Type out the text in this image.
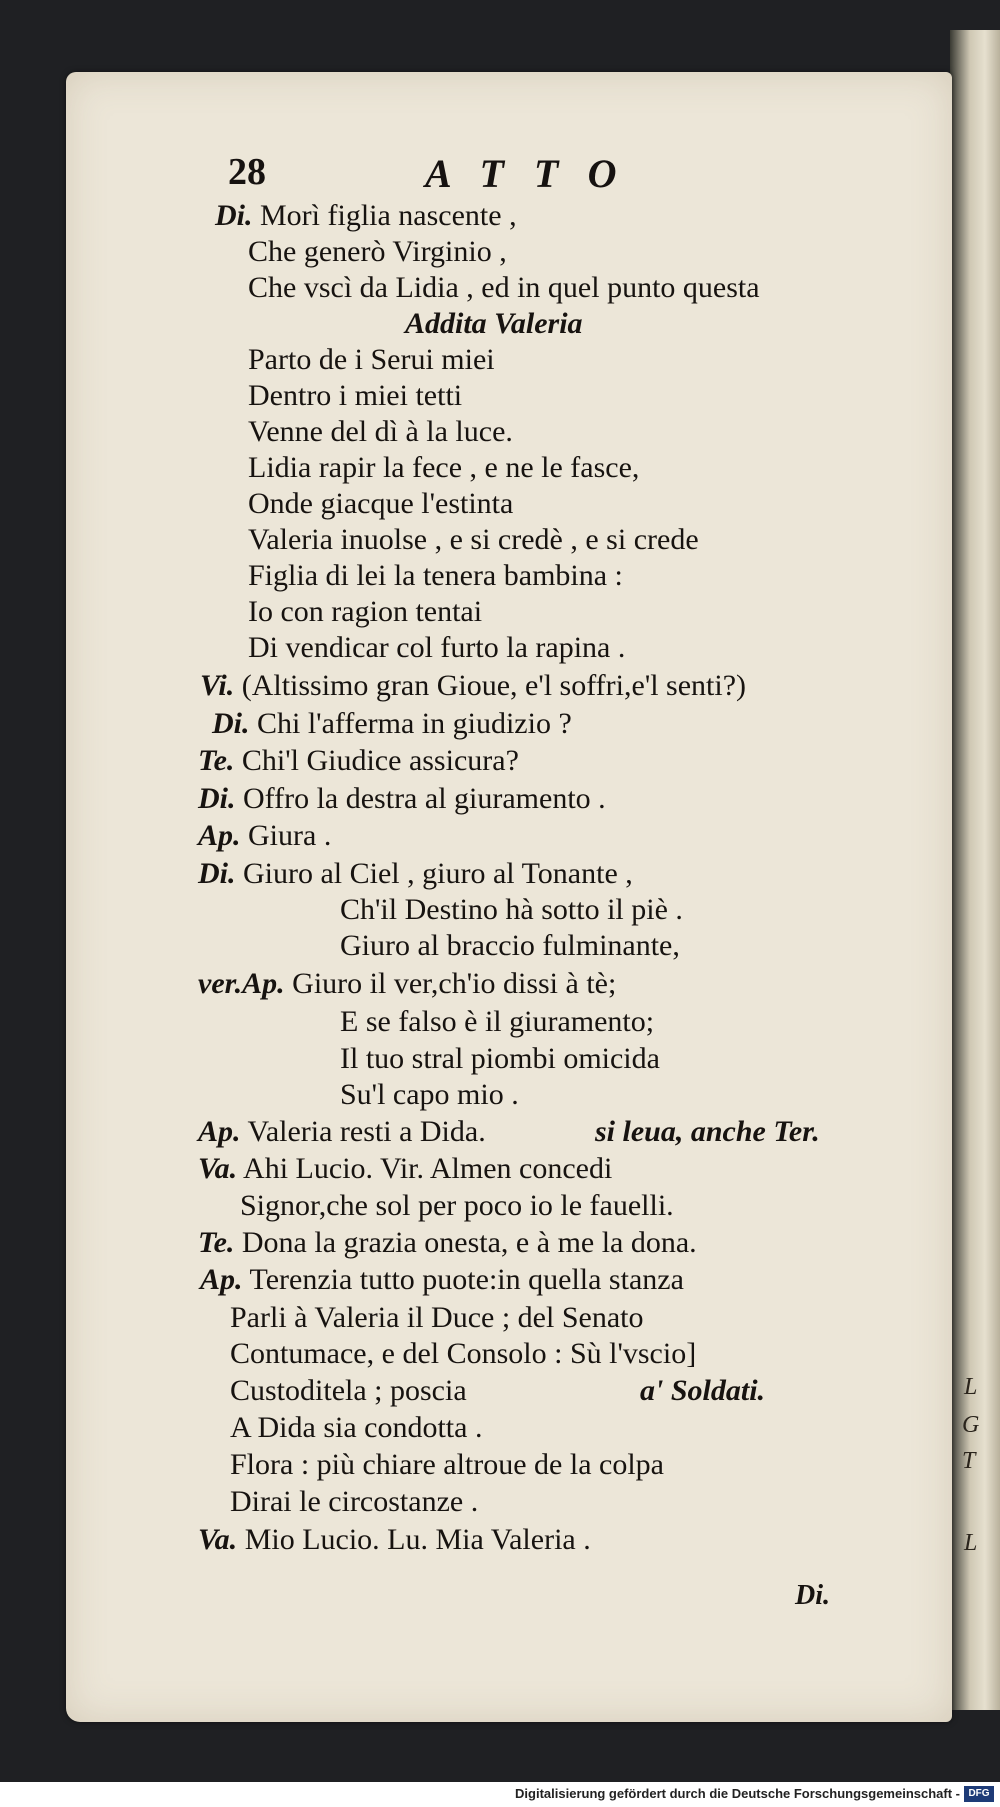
L
G
T
L
28	ATTO
Di. Morì figlia nascente ,
Che generò Virginio ,
Che vscì da Lidia , ed in quel punto questa
Addita Valeria
Parto de i Serui miei
Dentro i miei tetti
Venne del dì à la luce.
Lidia rapir la fece , e ne le fasce,
Onde giacque l'estinta
Valeria inuolse , e si credè , e si crede
Figlia di lei la tenera bambina :
Io con ragion tentai
Di vendicar col furto la rapina .
Vi. (Altissimo gran Gioue, e'l soffri,e'l senti?)
Di. Chi l'afferma in giudizio ?
Te. Chi'l Giudice assicura?
Di. Offro la destra al giuramento .
Ap. Giura .
Di. Giuro al Ciel , giuro al Tonante ,
Ch'il Destino hà sotto il piè .
Giuro al braccio fulminante,
ver.Ap. Giuro il ver,ch'io dissi à tè;
E se falso è il giuramento;
Il tuo stral piombi omicida
Su'l capo mio .
Ap. Valeria resti a Dida.	si leua, anche Ter.
Va. Ahi Lucio. Vir. Almen concedi
Signor,che sol per poco io le fauelli.
Te. Dona la grazia onesta, e à me la dona.
Ap. Terenzia tutto puote:in quella stanza
Parli à Valeria il Duce ; del Senato
Contumace, e del Consolo : Sù l'vscio]
Custoditela ; poscia	a' Soldati.
A Dida sia condotta .
Flora : più chiare altroue de la colpa
Dirai le circostanze .
Va. Mio Lucio. Lu. Mia Valeria .
Di.
Digitalisierung gefördert durch die Deutsche Forschungsgemeinschaft - DFG
